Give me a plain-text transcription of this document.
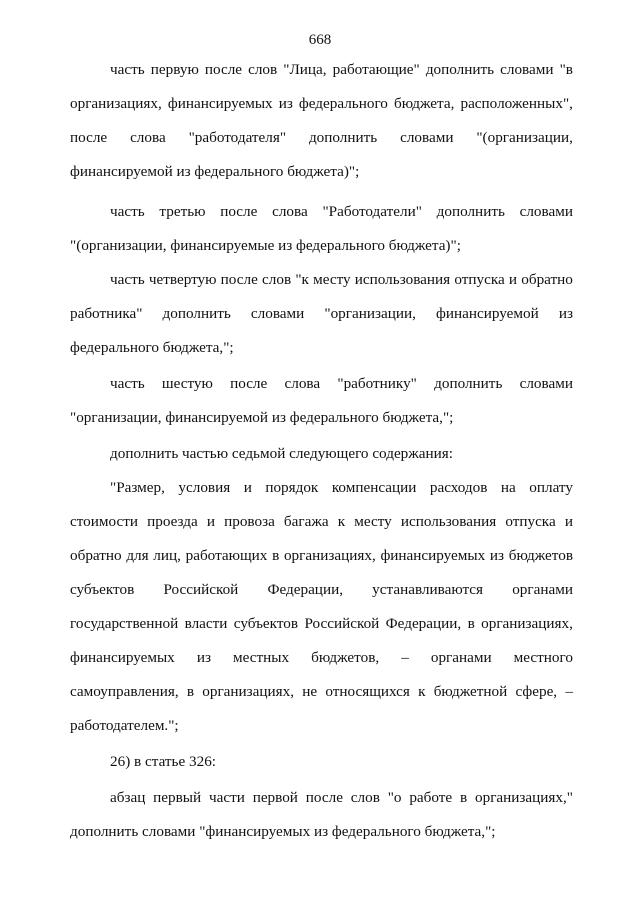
668
часть первую после слов "Лица, работающие" дополнить словами "в
организациях, финансируемых из федерального бюджета, расположенных",
после слова "работодателя" дополнить словами "(организации,
финансируемой из федерального бюджета)";
часть третью после слова "Работодатели" дополнить словами
"(организации, финансируемые из федерального бюджета)";
часть четвертую после слов "к месту использования отпуска и обратно
работника" дополнить словами "организации, финансируемой из
федерального бюджета,";
часть шестую после слова "работнику" дополнить словами
"организации, финансируемой из федерального бюджета,";
дополнить частью седьмой следующего содержания:
"Размер, условия и порядок компенсации расходов на оплату
стоимости проезда и провоза багажа к месту использования отпуска и
обратно для лиц, работающих в организациях, финансируемых из бюджетов
субъектов Российской Федерации, устанавливаются органами
государственной власти субъектов Российской Федерации, в организациях,
финансируемых из местных бюджетов, – органами местного
самоуправления, в организациях, не относящихся к бюджетной сфере, –
работодателем.";
26) в статье 326:
абзац первый части первой после слов "о работе в организациях,"
дополнить словами "финансируемых из федерального бюджета,";
